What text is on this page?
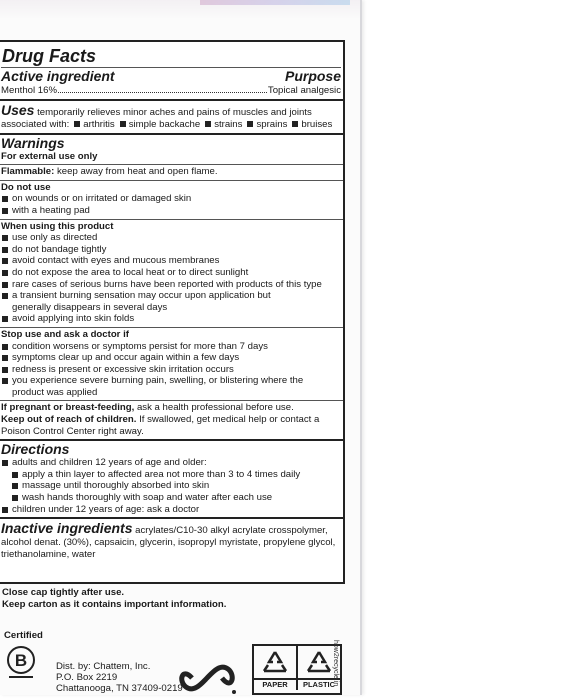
Drug Facts
Active ingredient	Purpose
Menthol 16%	Topical analgesic
Uses temporarily relieves minor aches and pains of muscles and joints
associated with: arthritis simple backache strains sprains bruises
Warnings
For external use only
Flammable: keep away from heat and open flame.
Do not use
on wounds or on irritated or damaged skin
with a heating pad
When using this product
use only as directed
do not bandage tightly
avoid contact with eyes and mucous membranes
do not expose the area to local heat or to direct sunlight
rare cases of serious burns have been reported with products of this type
a transient burning sensation may occur upon application but generally disappears in several days
avoid applying into skin folds
Stop use and ask a doctor if
condition worsens or symptoms persist for more than 7 days
symptoms clear up and occur again within a few days
redness is present or excessive skin irritation occurs
you experience severe burning pain, swelling, or blistering where the product was applied
If pregnant or breast-feeding, ask a health professional before use.
Keep out of reach of children. If swallowed, get medical help or contact a Poison Control Center right away.
Directions
adults and children 12 years of age and older:
apply a thin layer to affected area not more than 3 to 4 times daily
massage until thoroughly absorbed into skin
wash hands thoroughly with soap and water after each use
children under 12 years of age: ask a doctor
Inactive ingredients acrylates/C10-30 alkyl acrylate crosspolymer, alcohol denat. (30%), capsaicin, glycerin, isopropyl myristate, propylene glycol, triethanolamine, water
Close cap tightly after use.
Keep carton as it contains important information.
Certified
B	Dist. by: Chattem, Inc.
P.O. Box 2219
Chattanooga, TN 37409-0219	PAPER	PLASTIC
how2recycle.in
